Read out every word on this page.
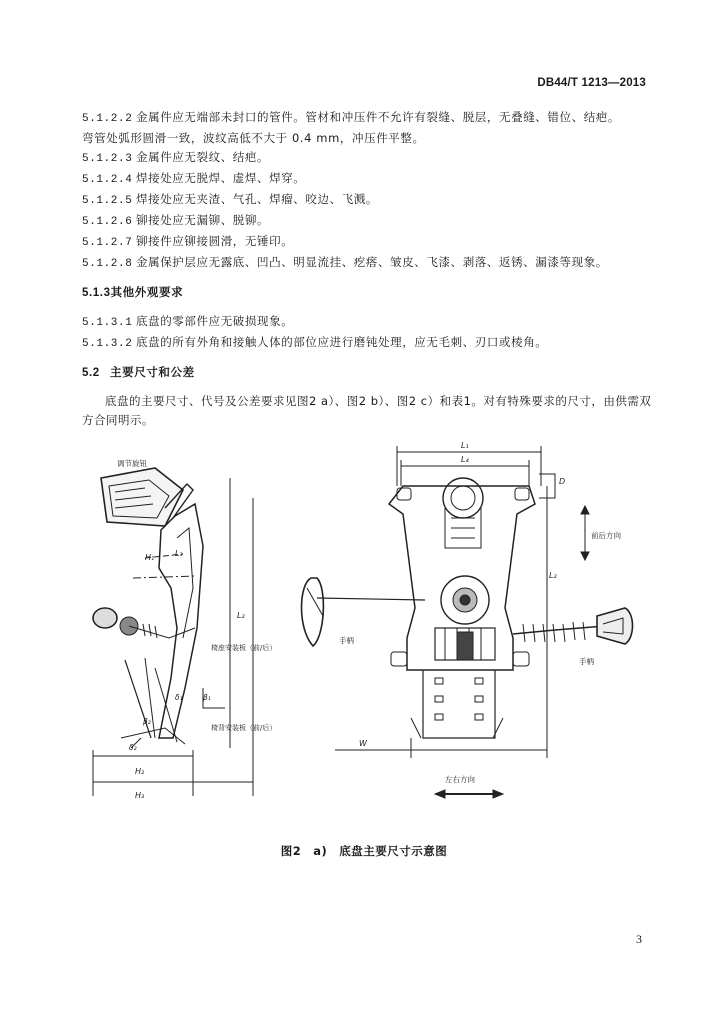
DB44/T 1213—2013
5.1.2.2 金属件应无端部未封口的管件。管材和冲压件不允许有裂缝、脱层，无叠缝、错位、结疤。
弯管处弧形圆滑一致，波纹高低不大于 0.4 mm，冲压件平整。
5.1.2.3 金属件应无裂纹、结疤。
5.1.2.4 焊接处应无脱焊、虚焊、焊穿。
5.1.2.5 焊接处应无夹渣、气孔、焊瘤、咬边、飞溅。
5.1.2.6 铆接处应无漏铆、脱铆。
5.1.2.7 铆接件应铆接圆滑，无锤印。
5.1.2.8 金属保护层应无露底、凹凸、明显流挂、疙瘩、皱皮、飞漆、剥落、返锈、漏漆等现象。
5.1.3其他外观要求
5.1.3.1 底盘的零部件应无破损现象。
5.1.3.2 底盘的所有外角和接触人体的部位应进行磨钝处理，应无毛刺、刃口或棱角。
5.2 主要尺寸和公差
底盘的主要尺寸、代号及公差要求见图2 a）、图2 b）、图2 c）和表1。对有特殊要求的尺寸，由供需双方合同明示。
调节旋钮
L₃
L₂
椅座安装板（前/后）
椅背安装板（前/后）
δ₁	β₁
β₂
δ₂
H₂
H₃
H₁
L₁
L₄
D
L₂
前后方向
手柄
手柄
W
左右方向
图2 a) 底盘主要尺寸示意图
3
